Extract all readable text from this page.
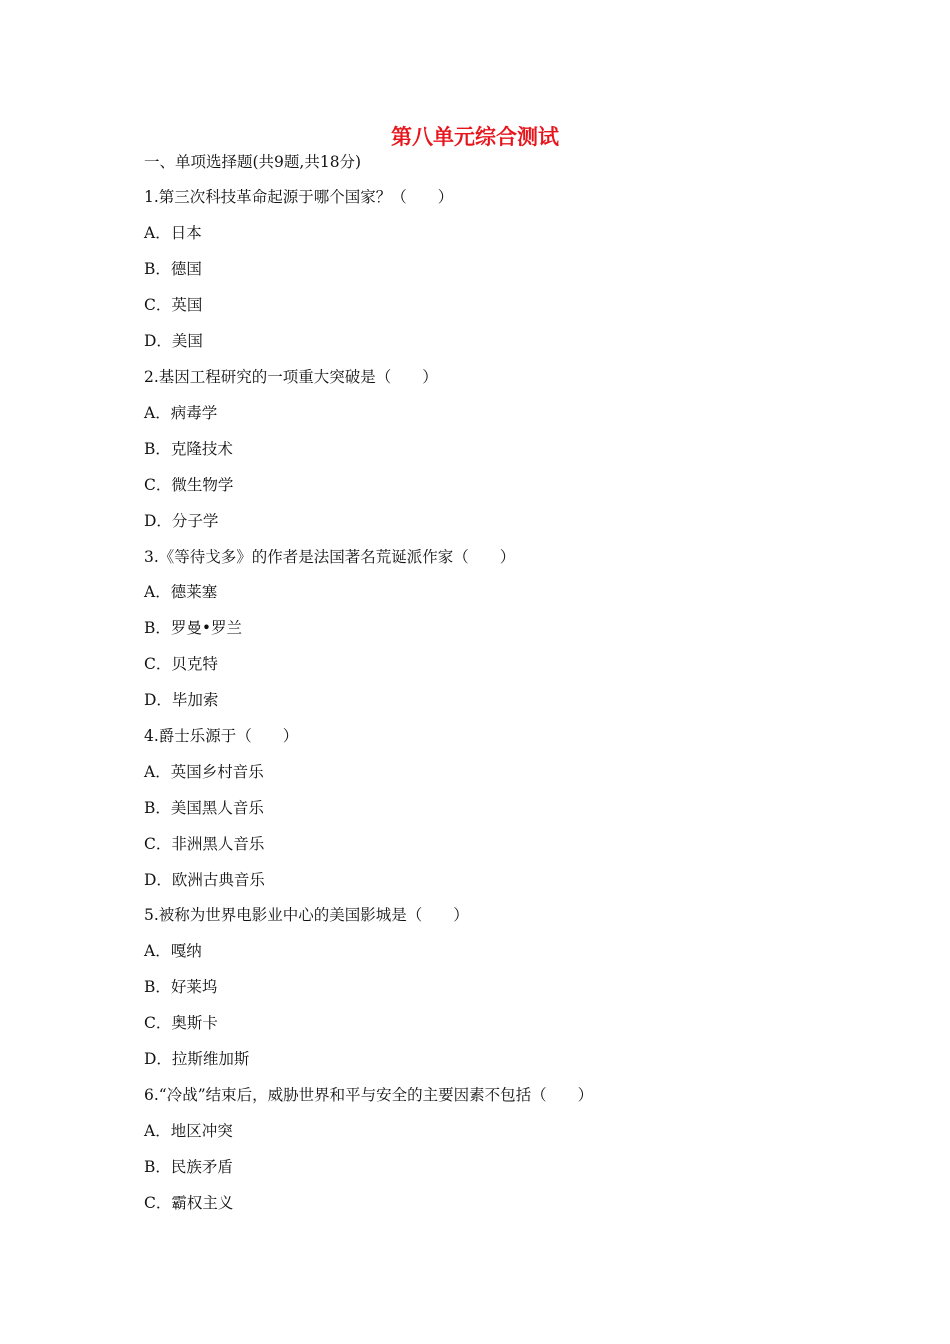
第八单元综合测试
一、单项选择题(共9题,共18分)
1.第三次科技革命起源于哪个国家？（　　）
A．日本
B．德国
C．英国
D．美国
2.基因工程研究的一项重大突破是（　　）
A．病毒学
B．克隆技术
C．微生物学
D．分子学
3.《等待戈多》的作者是法国著名荒诞派作家（　　）
A．德莱塞
B．罗曼•罗兰
C．贝克特
D．毕加索
4.爵士乐源于（　　）
A．英国乡村音乐
B．美国黑人音乐
C．非洲黑人音乐
D．欧洲古典音乐
5.被称为世界电影业中心的美国影城是（　　）
A．嘎纳
B．好莱坞
C．奥斯卡
D．拉斯维加斯
6.“冷战”结束后，威胁世界和平与安全的主要因素不包括（　　）
A．地区冲突
B．民族矛盾
C．霸权主义
